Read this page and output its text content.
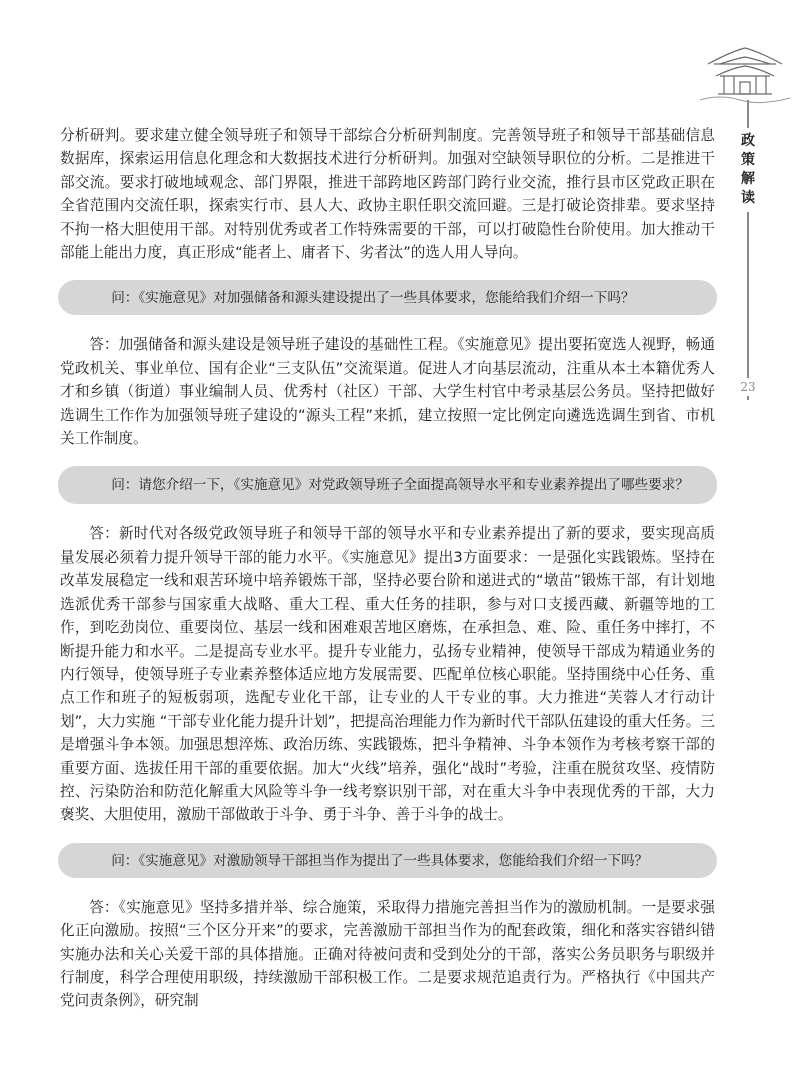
政策解读
23

分析研判。要求建立健全领导班子和领导干部综合分析研判制度。完善领导班子和领导干部基础信息数据库，探索运用信息化理念和大数据技术进行分析研判。加强对空缺领导职位的分析。二是推进干部交流。要求打破地域观念、部门界限，推进干部跨地区跨部门跨行业交流，推行县市区党政正职在全省范围内交流任职，探索实行市、县人大、政协主职任职交流回避。三是打破论资排辈。要求坚持不拘一格大胆使用干部。对特别优秀或者工作特殊需要的干部，可以打破隐性台阶使用。加大推动干部能上能出力度，真正形成“能者上、庸者下、劣者汰”的选人用人导向。

问：《实施意见》对加强储备和源头建设提出了一些具体要求，您能给我们介绍一下吗？

答：加强储备和源头建设是领导班子建设的基础性工程。《实施意见》提出要拓宽选人视野，畅通党政机关、事业单位、国有企业“三支队伍”交流渠道。促进人才向基层流动，注重从本土本籍优秀人才和乡镇（街道）事业编制人员、优秀村（社区）干部、大学生村官中考录基层公务员。坚持把做好选调生工作作为加强领导班子建设的“源头工程”来抓，建立按照一定比例定向遴选选调生到省、市机关工作制度。

问：请您介绍一下，《实施意见》对党政领导班子全面提高领导水平和专业素养提出了哪些要求？

答：新时代对各级党政领导班子和领导干部的领导水平和专业素养提出了新的要求，要实现高质量发展必须着力提升领导干部的能力水平。《实施意见》提出3方面要求：一是强化实践锻炼。坚持在改革发展稳定一线和艰苦环境中培养锻炼干部，坚持必要台阶和递进式的“墩苗”锻炼干部，有计划地选派优秀干部参与国家重大战略、重大工程、重大任务的挂职，参与对口支援西藏、新疆等地的工作，到吃劲岗位、重要岗位、基层一线和困难艰苦地区磨炼，在承担急、难、险、重任务中摔打，不断提升能力和水平。二是提高专业水平。提升专业能力，弘扬专业精神，使领导干部成为精通业务的内行领导，使领导班子专业素养整体适应地方发展需要、匹配单位核心职能。坚持围绕中心任务、重点工作和班子的短板弱项，选配专业化干部，让专业的人干专业的事。大力推进“芙蓉人才行动计划”，大力实施 “干部专业化能力提升计划”，把提高治理能力作为新时代干部队伍建设的重大任务。三是增强斗争本领。加强思想淬炼、政治历练、实践锻炼，把斗争精神、斗争本领作为考核考察干部的重要方面、选拔任用干部的重要依据。加大“火线”培养，强化“战时”考验，注重在脱贫攻坚、疫情防控、污染防治和防范化解重大风险等斗争一线考察识别干部，对在重大斗争中表现优秀的干部，大力褒奖、大胆使用，激励干部做敢于斗争、勇于斗争、善于斗争的战士。

问：《实施意见》对激励领导干部担当作为提出了一些具体要求，您能给我们介绍一下吗？

答：《实施意见》坚持多措并举、综合施策，采取得力措施完善担当作为的激励机制。一是要求强化正向激励。按照“三个区分开来”的要求，完善激励干部担当作为的配套政策，细化和落实容错纠错实施办法和关心关爱干部的具体措施。正确对待被问责和受到处分的干部，落实公务员职务与职级并行制度，科学合理使用职级，持续激励干部积极工作。二是要求规范追责行为。严格执行《中国共产党问责条例》，研究制
